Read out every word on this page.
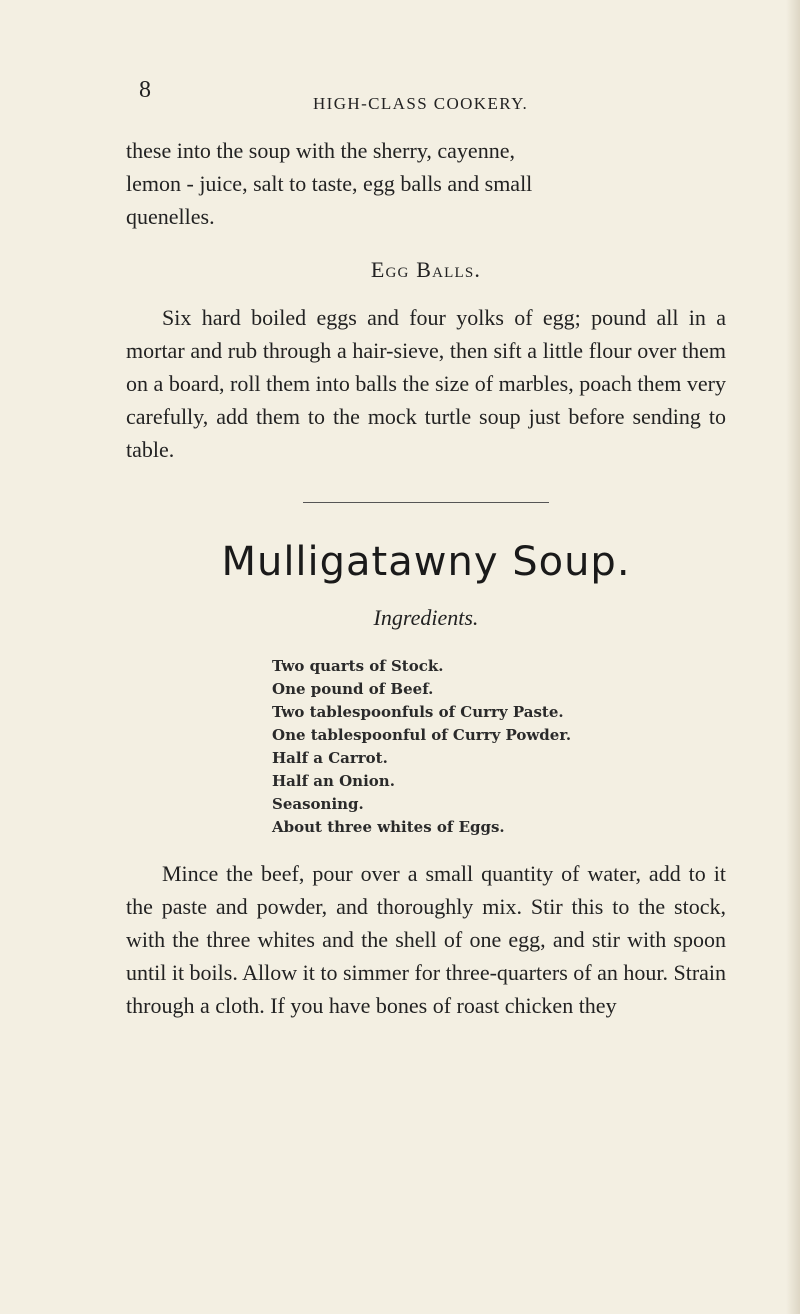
8
HIGH-CLASS COOKERY.

these into the soup with the sherry, cayenne,
lemon - juice, salt to taste, egg balls and small
quenelles.

Egg Balls.

Six hard boiled eggs and four yolks of egg; pound all in a mortar and rub through a hair-sieve, then sift a little flour over them on a board, roll them into balls the size of marbles, poach them very carefully, add them to the mock turtle soup just before sending to table.

Mulligatawny Soup.
Ingredients.
Two quarts of Stock.
One pound of Beef.
Two tablespoonfuls of Curry Paste.
One tablespoonful of Curry Powder.
Half a Carrot.
Half an Onion.
Seasoning.
About three whites of Eggs.

Mince the beef, pour over a small quantity of water, add to it the paste and powder, and thoroughly mix. Stir this to the stock, with the three whites and the shell of one egg, and stir with spoon until it boils. Allow it to simmer for three-quarters of an hour. Strain through a cloth. If you have bones of roast chicken they
